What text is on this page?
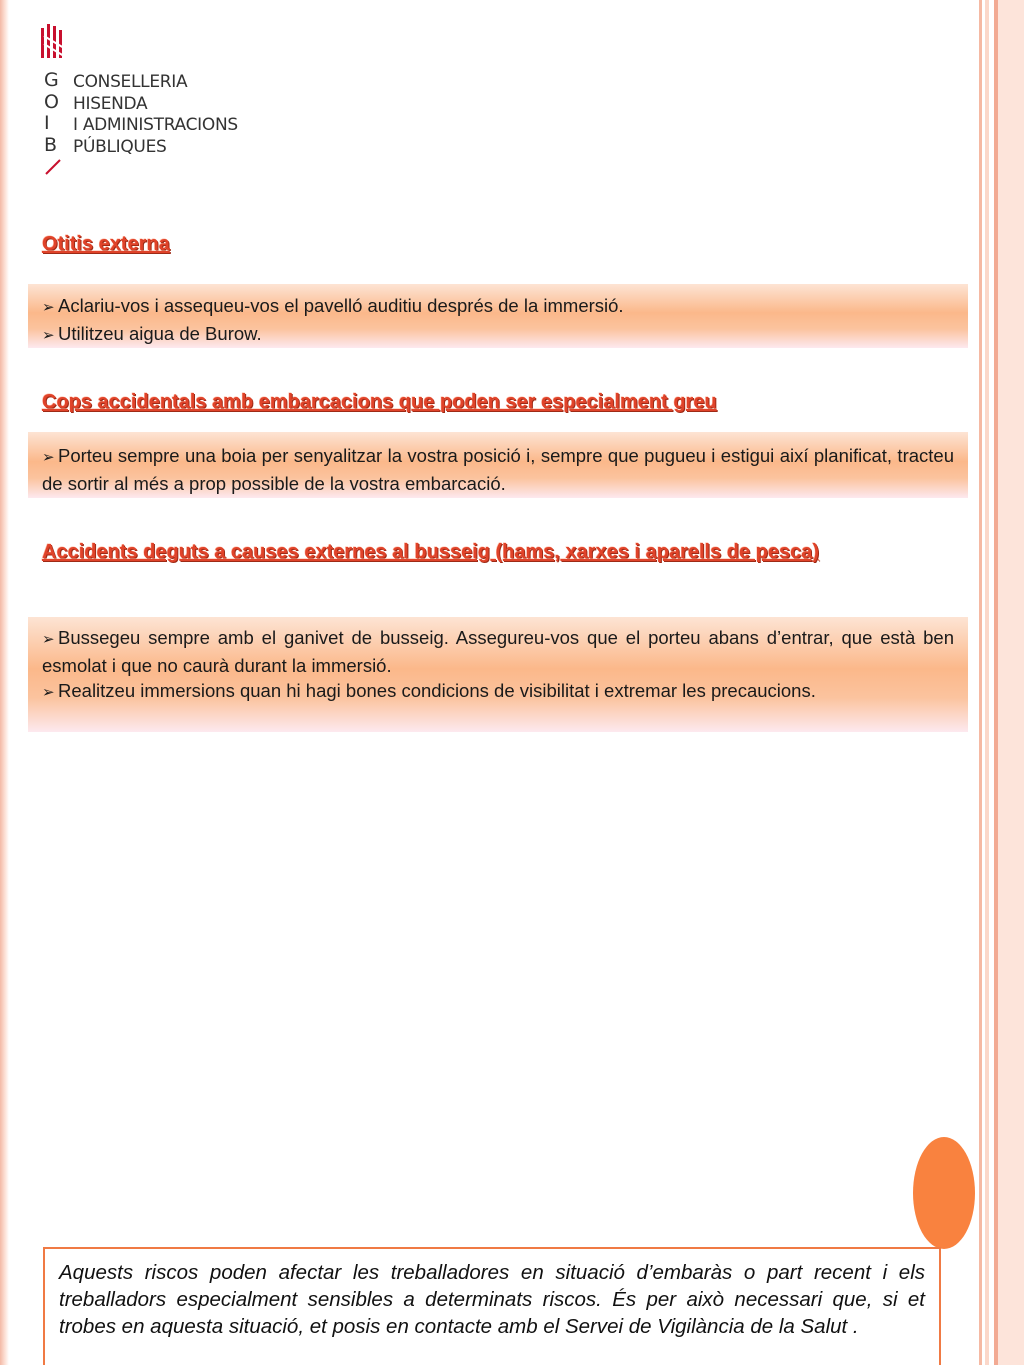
G
O
I
B
CONSELLERIA
HISENDA
I ADMINISTRACIONS
PÚBLIQUES
Otitis externa

➢ Aclariu-vos i assequeu-vos el pavelló auditiu després de la immersió.

➢ Utilitzeu aigua de Burow.

Cops accidentals amb embarcacions que poden ser especialment greu

➢ Porteu sempre una boia per senyalitzar la vostra posició i, sempre que pugueu i estigui així planificat, tracteu de sortir al més a prop possible de la vostra embarcació.

Accidents deguts a causes externes al busseig (hams, xarxes i aparells de pesca)

➢ Bussegeu sempre amb el ganivet de busseig. Assegureu-vos que el porteu abans d’entrar, que està ben esmolat i que no caurà durant la immersió.

➢ Realitzeu immersions quan hi hagi bones condicions de visibilitat i extremar les precaucions.

Aquests riscos poden afectar les treballadores en situació d’embaràs o part recent i els treballadors especialment sensibles a determinats riscos. És per això necessari que, si et trobes en aquesta situació, et posis en contacte amb el Servei de Vigilància de la Salut .
